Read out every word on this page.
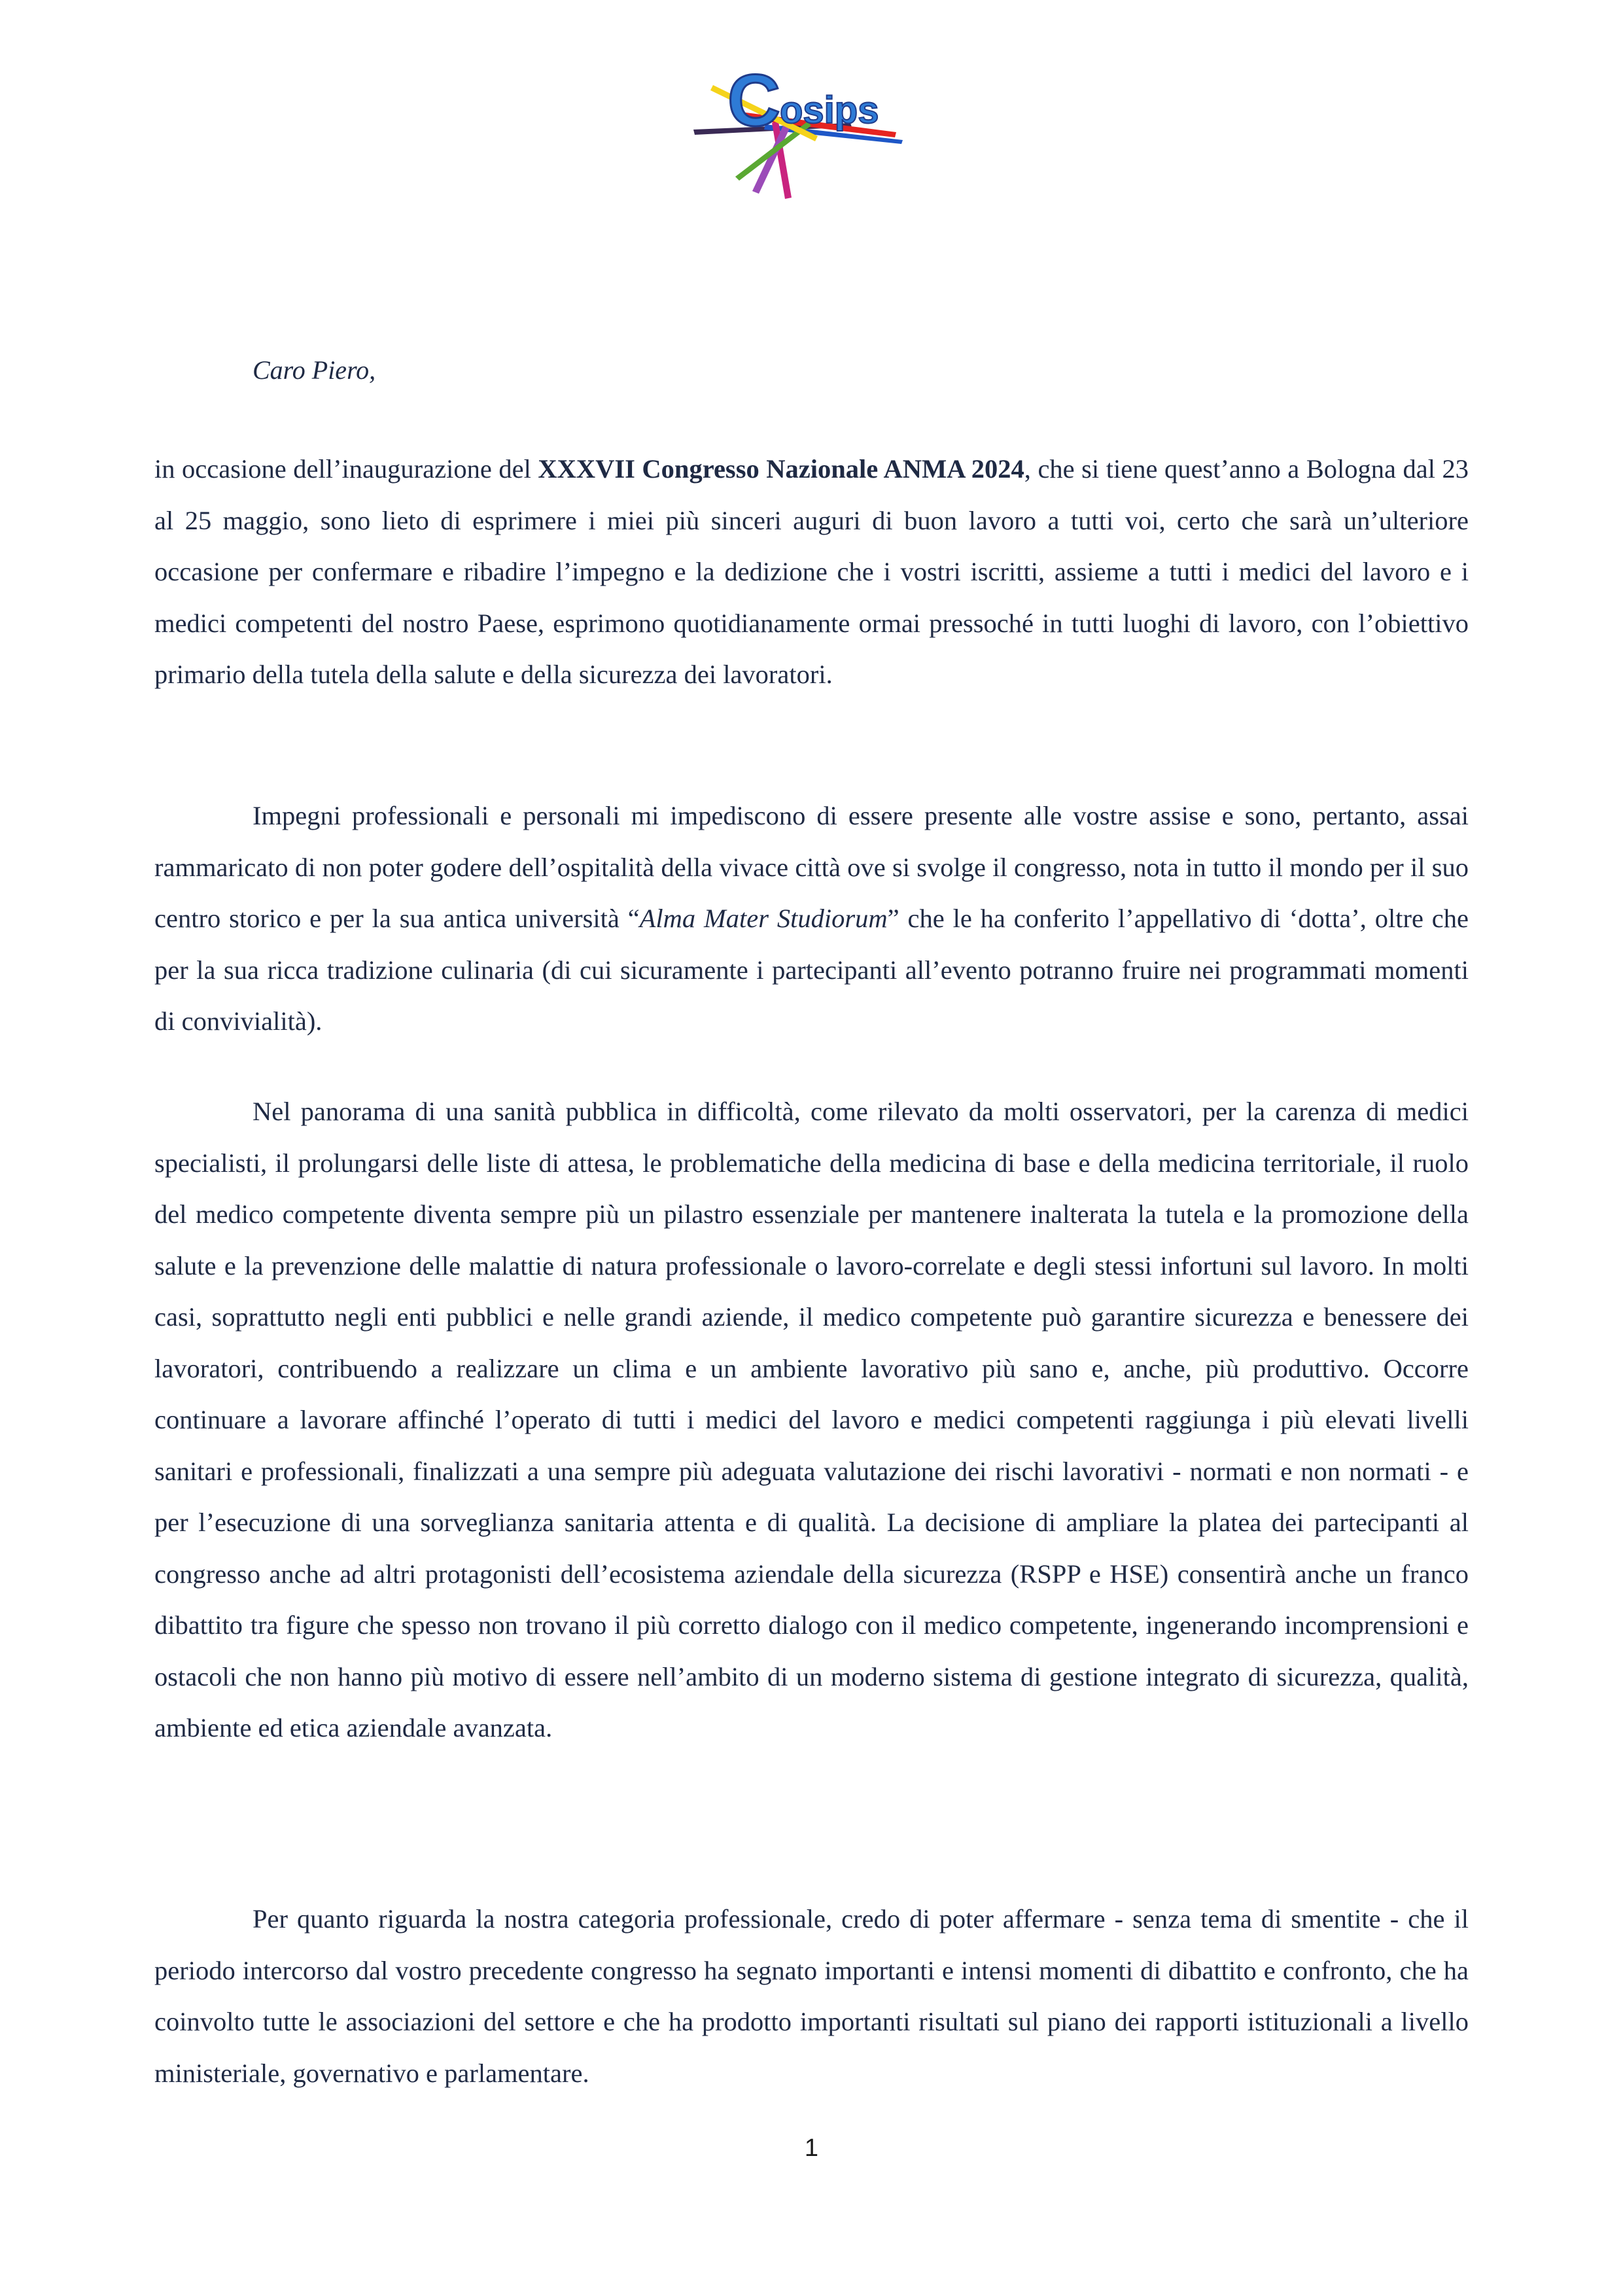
C osips

Caro Piero,

in occasione dell’inaugurazione del XXXVII Congresso Nazionale ANMA 2024, che si tiene quest’anno a Bologna dal 23 al 25 maggio, sono lieto di esprimere i miei più sinceri auguri di buon lavoro a tutti voi, certo che sarà un’ulteriore occasione per confermare e ribadire l’impegno e la dedizione che i vostri iscritti, assieme a tutti i medici del lavoro e i medici competenti del nostro Paese, esprimono quotidianamente ormai pressoché in tutti luoghi di lavoro, con l’obiettivo primario della tutela della salute e della sicurezza dei lavoratori.

Impegni professionali e personali mi impediscono di essere presente alle vostre assise e sono, pertanto, assai rammaricato di non poter godere dell’ospitalità della vivace città ove si svolge il congresso, nota in tutto il mondo per il suo centro storico e per la sua antica università “Alma Mater Studiorum” che le ha conferito l’appellativo di ‘dotta’, oltre che per la sua ricca tradizione culinaria (di cui sicuramente i partecipanti all’evento potranno fruire nei programmati momenti di convivialità).

Nel panorama di una sanità pubblica in difficoltà, come rilevato da molti osservatori, per la carenza di medici specialisti, il prolungarsi delle liste di attesa, le problematiche della medicina di base e della medicina territoriale, il ruolo del medico competente diventa sempre più un pilastro essenziale per mantenere inalterata la tutela e la promozione della salute e la prevenzione delle malattie di natura professionale o lavoro-correlate e degli stessi infortuni sul lavoro. In molti casi, soprattutto negli enti pubblici e nelle grandi aziende, il medico competente può garantire sicurezza e benessere dei lavoratori, contribuendo a realizzare un clima e un ambiente lavorativo più sano e, anche, più produttivo. Occorre continuare a lavorare affinché l’operato di tutti i medici del lavoro e medici competenti raggiunga i più elevati livelli sanitari e professionali, finalizzati a una sempre più adeguata valutazione dei rischi lavorativi - normati e non normati - e per l’esecuzione di una sorveglianza sanitaria attenta e di qualità. La decisione di ampliare la platea dei partecipanti al congresso anche ad altri protagonisti dell’ecosistema aziendale della sicurezza (RSPP e HSE) consentirà anche un franco dibattito tra figure che spesso non trovano il più corretto dialogo con il medico competente, ingenerando incomprensioni e ostacoli che non hanno più motivo di essere nell’ambito di un moderno sistema di gestione integrato di sicurezza, qualità, ambiente ed etica aziendale avanzata.

Per quanto riguarda la nostra categoria professionale, credo di poter affermare - senza tema di smentite - che il periodo intercorso dal vostro precedente congresso ha segnato importanti e intensi momenti di dibattito e confronto, che ha coinvolto tutte le associazioni del settore e che ha prodotto importanti risultati sul piano dei rapporti istituzionali a livello ministeriale, governativo e parlamentare.

1
